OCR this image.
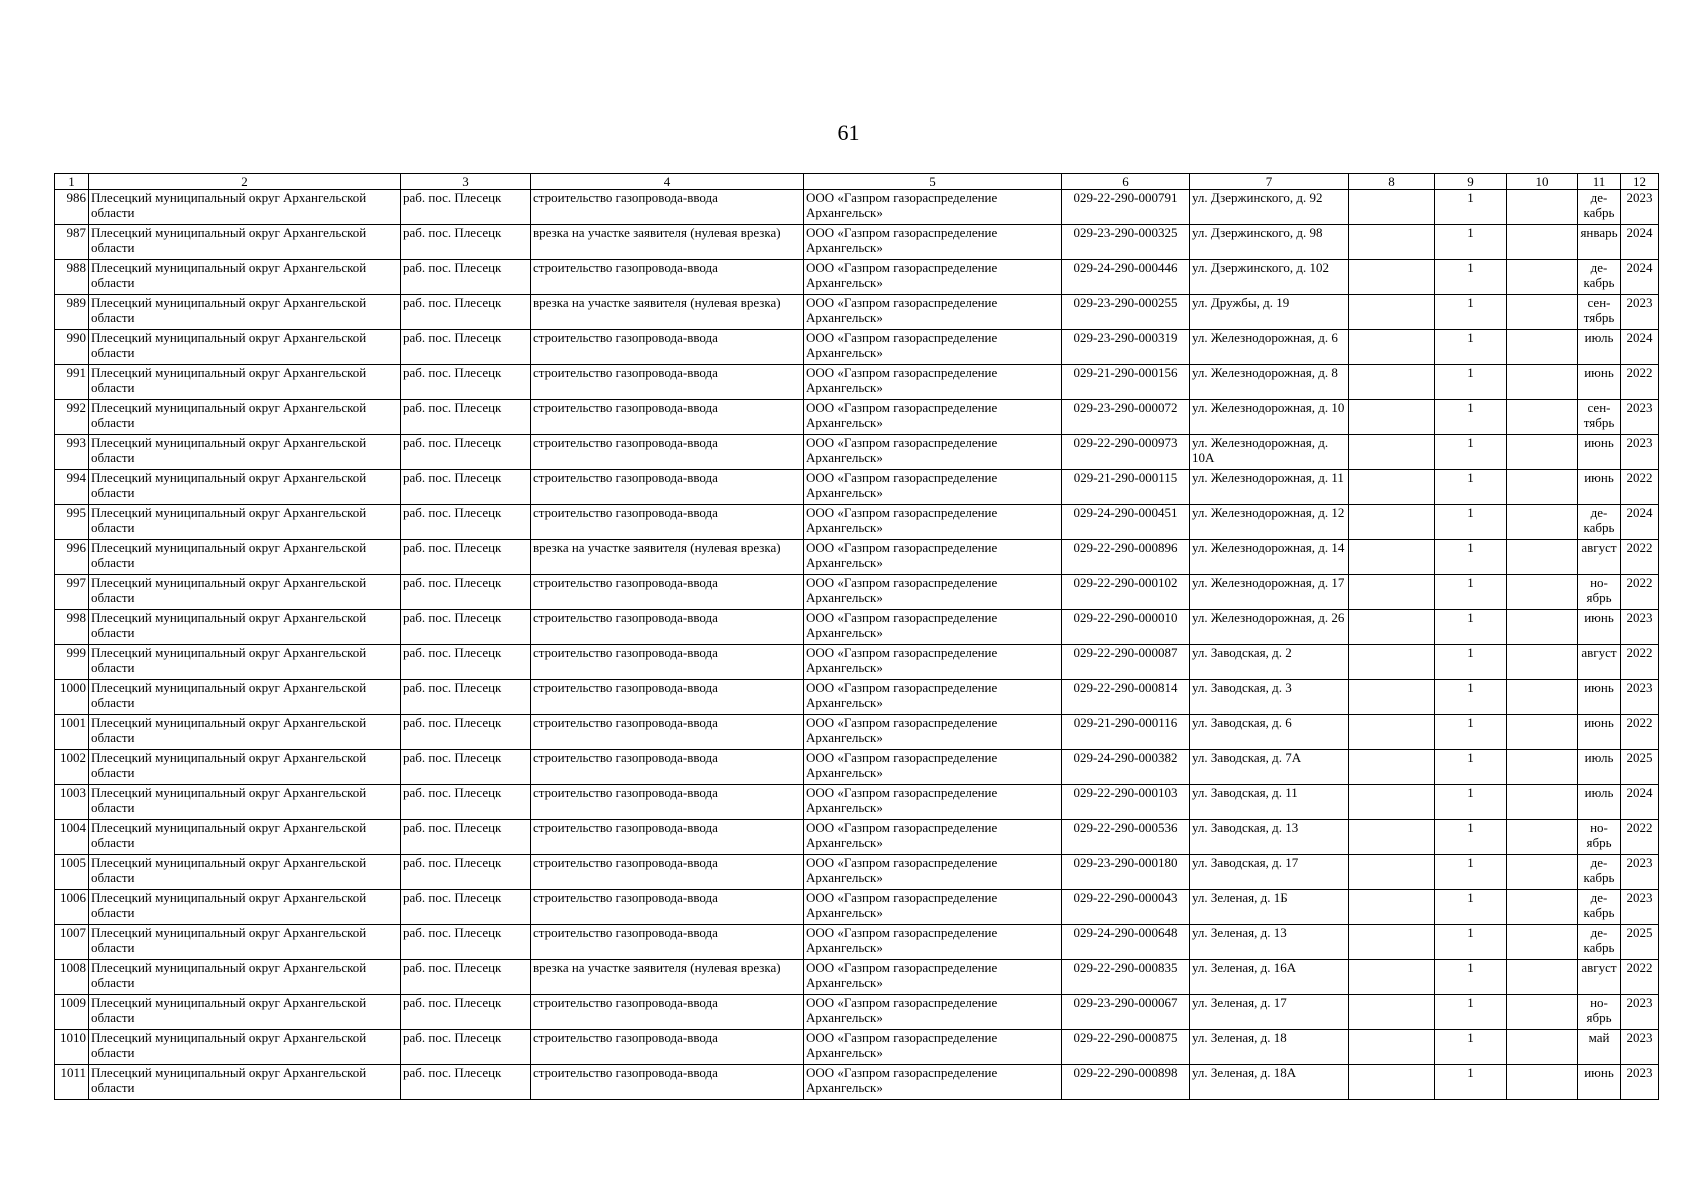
61
1	2	3	4	5	6	7	8	9	10	11	12
986	Плесецкий муниципальный округ Архангельской области	раб. пос. Плесецк	строительство газопровода-ввода	ООО «Газпром газораспределение Архангельск»	029-22-290-000791	ул. Дзержинского, д. 92		1		де-кабрь	2023
987	Плесецкий муниципальный округ Архангельской области	раб. пос. Плесецк	врезка на участке заявителя (нулевая врезка)	ООО «Газпром газораспределение Архангельск»	029-23-290-000325	ул. Дзержинского, д. 98		1		январь	2024
988	Плесецкий муниципальный округ Архангельской области	раб. пос. Плесецк	строительство газопровода-ввода	ООО «Газпром газораспределение Архангельск»	029-24-290-000446	ул. Дзержинского, д. 102		1		де-кабрь	2024
989	Плесецкий муниципальный округ Архангельской области	раб. пос. Плесецк	врезка на участке заявителя (нулевая врезка)	ООО «Газпром газораспределение Архангельск»	029-23-290-000255	ул. Дружбы, д. 19		1		сен-тябрь	2023
990	Плесецкий муниципальный округ Архангельской области	раб. пос. Плесецк	строительство газопровода-ввода	ООО «Газпром газораспределение Архангельск»	029-23-290-000319	ул. Железнодорожная, д. 6		1		июль	2024
991	Плесецкий муниципальный округ Архангельской области	раб. пос. Плесецк	строительство газопровода-ввода	ООО «Газпром газораспределение Архангельск»	029-21-290-000156	ул. Железнодорожная, д. 8		1		июнь	2022
992	Плесецкий муниципальный округ Архангельской области	раб. пос. Плесецк	строительство газопровода-ввода	ООО «Газпром газораспределение Архангельск»	029-23-290-000072	ул. Железнодорожная, д. 10		1		сен-тябрь	2023
993	Плесецкий муниципальный округ Архангельской области	раб. пос. Плесецк	строительство газопровода-ввода	ООО «Газпром газораспределение Архангельск»	029-22-290-000973	ул. Железнодорожная, д. 10А		1		июнь	2023
994	Плесецкий муниципальный округ Архангельской области	раб. пос. Плесецк	строительство газопровода-ввода	ООО «Газпром газораспределение Архангельск»	029-21-290-000115	ул. Железнодорожная, д. 11		1		июнь	2022
995	Плесецкий муниципальный округ Архангельской области	раб. пос. Плесецк	строительство газопровода-ввода	ООО «Газпром газораспределение Архангельск»	029-24-290-000451	ул. Железнодорожная, д. 12		1		де-кабрь	2024
996	Плесецкий муниципальный округ Архангельской области	раб. пос. Плесецк	врезка на участке заявителя (нулевая врезка)	ООО «Газпром газораспределение Архангельск»	029-22-290-000896	ул. Железнодорожная, д. 14		1		август	2022
997	Плесецкий муниципальный округ Архангельской области	раб. пос. Плесецк	строительство газопровода-ввода	ООО «Газпром газораспределение Архангельск»	029-22-290-000102	ул. Железнодорожная, д. 17		1		но-ябрь	2022
998	Плесецкий муниципальный округ Архангельской области	раб. пос. Плесецк	строительство газопровода-ввода	ООО «Газпром газораспределение Архангельск»	029-22-290-000010	ул. Железнодорожная, д. 26		1		июнь	2023
999	Плесецкий муниципальный округ Архангельской области	раб. пос. Плесецк	строительство газопровода-ввода	ООО «Газпром газораспределение Архангельск»	029-22-290-000087	ул. Заводская, д. 2		1		август	2022
1000	Плесецкий муниципальный округ Архангельской области	раб. пос. Плесецк	строительство газопровода-ввода	ООО «Газпром газораспределение Архангельск»	029-22-290-000814	ул. Заводская, д. 3		1		июнь	2023
1001	Плесецкий муниципальный округ Архангельской области	раб. пос. Плесецк	строительство газопровода-ввода	ООО «Газпром газораспределение Архангельск»	029-21-290-000116	ул. Заводская, д. 6		1		июнь	2022
1002	Плесецкий муниципальный округ Архангельской области	раб. пос. Плесецк	строительство газопровода-ввода	ООО «Газпром газораспределение Архангельск»	029-24-290-000382	ул. Заводская, д. 7А		1		июль	2025
1003	Плесецкий муниципальный округ Архангельской области	раб. пос. Плесецк	строительство газопровода-ввода	ООО «Газпром газораспределение Архангельск»	029-22-290-000103	ул. Заводская, д. 11		1		июль	2024
1004	Плесецкий муниципальный округ Архангельской области	раб. пос. Плесецк	строительство газопровода-ввода	ООО «Газпром газораспределение Архангельск»	029-22-290-000536	ул. Заводская, д. 13		1		но-ябрь	2022
1005	Плесецкий муниципальный округ Архангельской области	раб. пос. Плесецк	строительство газопровода-ввода	ООО «Газпром газораспределение Архангельск»	029-23-290-000180	ул. Заводская, д. 17		1		де-кабрь	2023
1006	Плесецкий муниципальный округ Архангельской области	раб. пос. Плесецк	строительство газопровода-ввода	ООО «Газпром газораспределение Архангельск»	029-22-290-000043	ул. Зеленая, д. 1Б		1		де-кабрь	2023
1007	Плесецкий муниципальный округ Архангельской области	раб. пос. Плесецк	строительство газопровода-ввода	ООО «Газпром газораспределение Архангельск»	029-24-290-000648	ул. Зеленая, д. 13		1		де-кабрь	2025
1008	Плесецкий муниципальный округ Архангельской области	раб. пос. Плесецк	врезка на участке заявителя (нулевая врезка)	ООО «Газпром газораспределение Архангельск»	029-22-290-000835	ул. Зеленая, д. 16А		1		август	2022
1009	Плесецкий муниципальный округ Архангельской области	раб. пос. Плесецк	строительство газопровода-ввода	ООО «Газпром газораспределение Архангельск»	029-23-290-000067	ул. Зеленая, д. 17		1		но-ябрь	2023
1010	Плесецкий муниципальный округ Архангельской области	раб. пос. Плесецк	строительство газопровода-ввода	ООО «Газпром газораспределение Архангельск»	029-22-290-000875	ул. Зеленая, д. 18		1		май	2023
1011	Плесецкий муниципальный округ Архангельской области	раб. пос. Плесецк	строительство газопровода-ввода	ООО «Газпром газораспределение Архангельск»	029-22-290-000898	ул. Зеленая, д. 18А		1		июнь	2023
